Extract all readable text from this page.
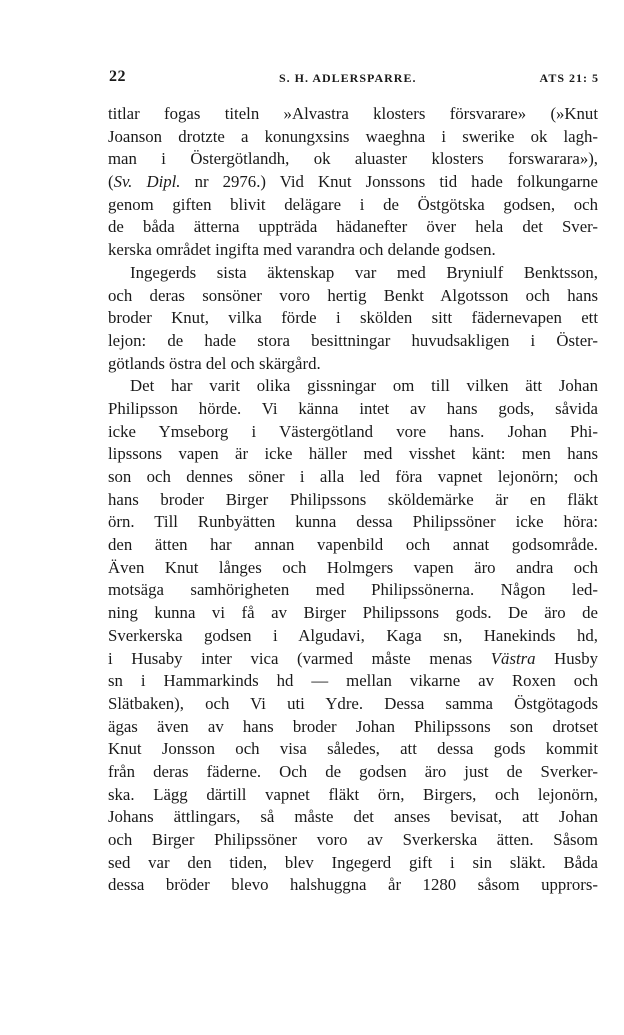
22	S. H. ADLERSPARRE.	ATS 21: 5
titlar fogas titeln »Alvastra klosters försvarare» (»Knut
Joanson drotzte a konungxsins waeghna i swerike ok lagh-
man i Östergötlandh, ok aluaster klosters forswarara»),
(Sv. Dipl. nr 2976.) Vid Knut Jonssons tid hade folkungarne
genom giften blivit delägare i de Östgötska godsen, och
de båda ätterna uppträda hädanefter över hela det Sver-
kerska området ingifta med varandra och delande godsen.
Ingegerds sista äktenskap var med Bryniulf Benktsson,
och deras sonsöner voro hertig Benkt Algotsson och hans
broder Knut, vilka förde i skölden sitt fädernevapen ett
lejon: de hade stora besittningar huvudsakligen i Öster-
götlands östra del och skärgård.
Det har varit olika gissningar om till vilken ätt Johan
Philipsson hörde. Vi känna intet av hans gods, såvida
icke Ymseborg i Västergötland vore hans. Johan Phi-
lipssons vapen är icke häller med visshet känt: men hans
son och dennes söner i alla led föra vapnet lejonörn; och
hans broder Birger Philipssons sköldemärke är en fläkt
örn. Till Runbyätten kunna dessa Philipssöner icke höra:
den ätten har annan vapenbild och annat godsområde.
Även Knut långes och Holmgers vapen äro andra och
motsäga samhörigheten med Philipssönerna. Någon led-
ning kunna vi få av Birger Philipssons gods. De äro de
Sverkerska godsen i Algudavi, Kaga sn, Hanekinds hd,
i Husaby inter vica (varmed måste menas Västra Husby
sn i Hammarkinds hd — mellan vikarne av Roxen och
Slätbaken), och Vi uti Ydre. Dessa samma Östgötagods
ägas även av hans broder Johan Philipssons son drotset
Knut Jonsson och visa således, att dessa gods kommit
från deras fäderne. Och de godsen äro just de Sverker-
ska. Lägg därtill vapnet fläkt örn, Birgers, och lejonörn,
Johans ättlingars, så måste det anses bevisat, att Johan
och Birger Philipssöner voro av Sverkerska ätten. Såsom
sed var den tiden, blev Ingegerd gift i sin släkt. Båda
dessa bröder blevo halshuggna år 1280 såsom upprors-
